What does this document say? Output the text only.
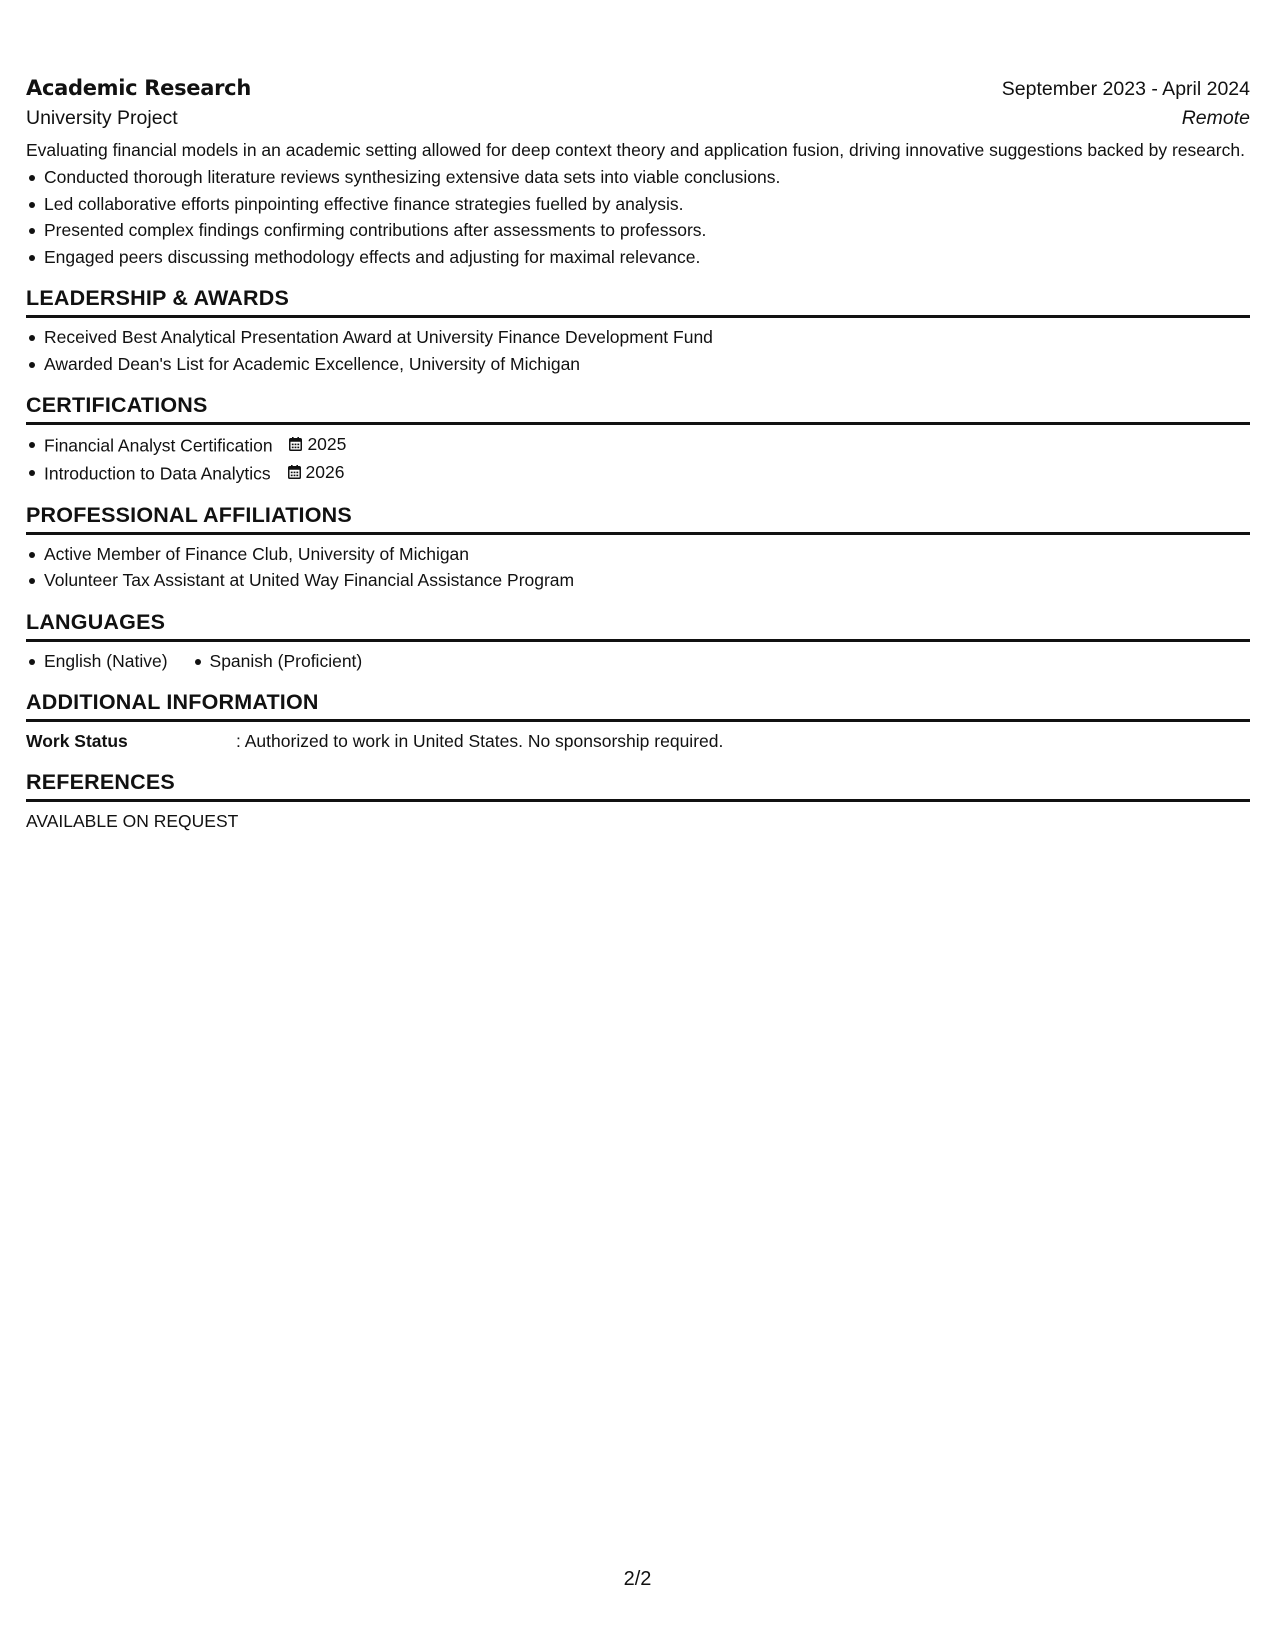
Academic Research	September 2023 - April 2024
University Project	Remote
Evaluating financial models in an academic setting allowed for deep context theory and application fusion, driving innovative suggestions backed by research.
Conducted thorough literature reviews synthesizing extensive data sets into viable conclusions.
Led collaborative efforts pinpointing effective finance strategies fuelled by analysis.
Presented complex findings confirming contributions after assessments to professors.
Engaged peers discussing methodology effects and adjusting for maximal relevance.
LEADERSHIP & AWARDS
Received Best Analytical Presentation Award at University Finance Development Fund
Awarded Dean's List for Academic Excellence, University of Michigan
CERTIFICATIONS
Financial Analyst Certification 2025
Introduction to Data Analytics 2026
PROFESSIONAL AFFILIATIONS
Active Member of Finance Club, University of Michigan
Volunteer Tax Assistant at United Way Financial Assistance Program
LANGUAGES
English (Native) Spanish (Proficient)
ADDITIONAL INFORMATION
Work Status	: Authorized to work in United States. No sponsorship required.
REFERENCES
AVAILABLE ON REQUEST
2/2
